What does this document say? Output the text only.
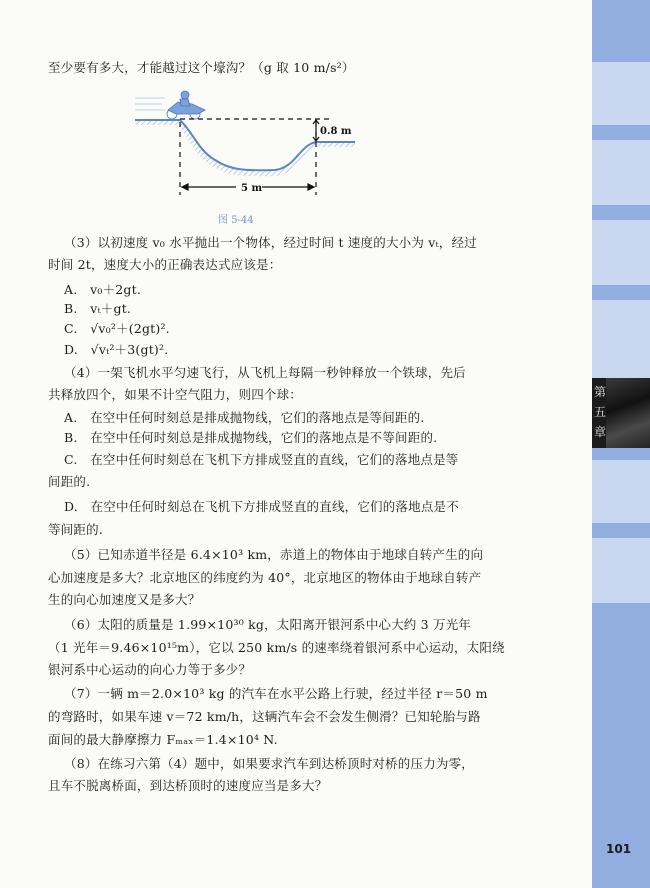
第五章
至少要有多大，才能越过这个壕沟？（g 取 10 m/s²）
0.8 m
5 m
图 5-44
（3）以初速度 v₀ 水平抛出一个物体，经过时间 t 速度的大小为 vₜ，经过
时间 2t，速度大小的正确表达式应该是：
A.　v₀＋2gt.
B.　vₜ＋gt.
C.　√v₀²＋(2gt)².
D.　√vₜ²＋3(gt)².
（4）一架飞机水平匀速飞行，从飞机上每隔一秒钟释放一个铁球，先后
共释放四个，如果不计空气阻力，则四个球：
A.　在空中任何时刻总是排成抛物线，它们的落地点是等间距的.
B.　在空中任何时刻总是排成抛物线，它们的落地点是不等间距的.
C.　在空中任何时刻总在飞机下方排成竖直的直线，它们的落地点是等
间距的.
D.　在空中任何时刻总在飞机下方排成竖直的直线，它们的落地点是不
等间距的.
（5）已知赤道半径是 6.4×10³ km，赤道上的物体由于地球自转产生的向
心加速度是多大？北京地区的纬度约为 40°，北京地区的物体由于地球自转产
生的向心加速度又是多大？
（6）太阳的质量是 1.99×10³⁰ kg，太阳离开银河系中心大约 3 万光年
（1 光年＝9.46×10¹⁵m），它以 250 km/s 的速率绕着银河系中心运动，太阳绕
银河系中心运动的向心力等于多少？
（7）一辆 m＝2.0×10³ kg 的汽车在水平公路上行驶，经过半径 r＝50 m
的弯路时，如果车速 v＝72 km/h，这辆汽车会不会发生侧滑？已知轮胎与路
面间的最大静摩擦力 Fₘₐₓ＝1.4×10⁴ N.
（8）在练习六第（4）题中，如果要求汽车到达桥顶时对桥的压力为零，
且车不脱离桥面，到达桥顶时的速度应当是多大？
101
